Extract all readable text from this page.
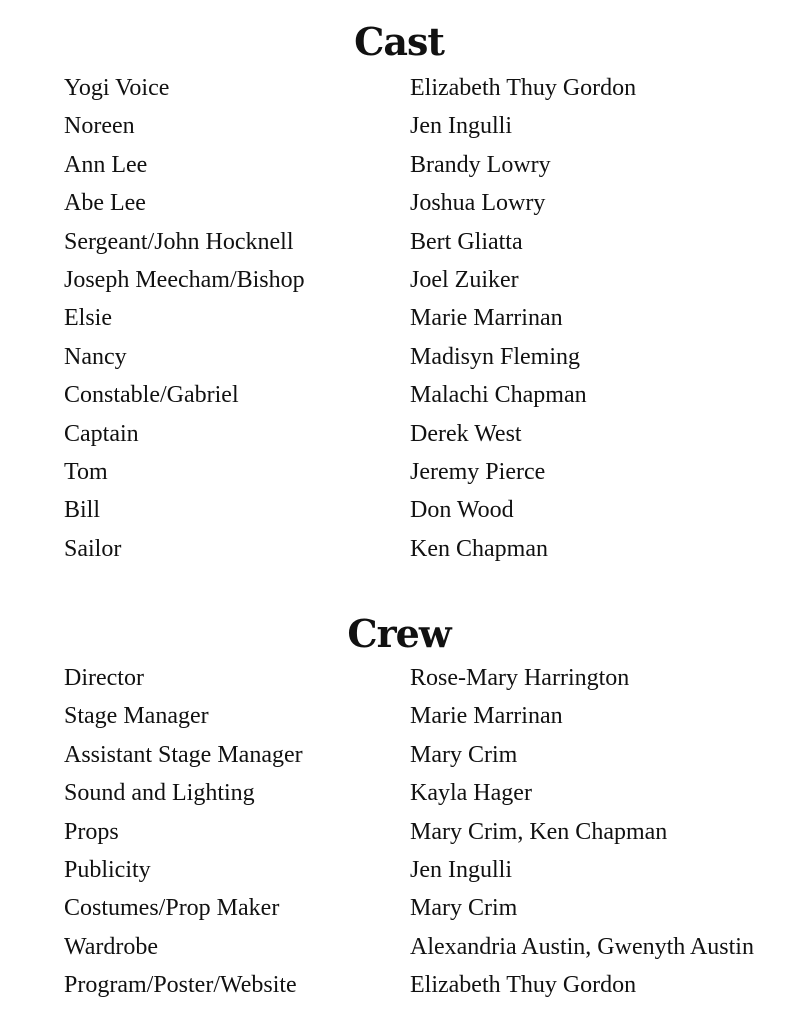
Cast
Yogi Voice	Elizabeth Thuy Gordon
Noreen	Jen Ingulli
Ann Lee	Brandy Lowry
Abe Lee	Joshua Lowry
Sergeant/John Hocknell	Bert Gliatta
Joseph Meecham/Bishop	Joel Zuiker
Elsie	Marie Marrinan
Nancy	Madisyn Fleming
Constable/Gabriel	Malachi Chapman
Captain	Derek West
Tom	Jeremy Pierce
Bill	Don Wood
Sailor	Ken Chapman
Crew
Director	Rose-Mary Harrington
Stage Manager	Marie Marrinan
Assistant Stage Manager	Mary Crim
Sound and Lighting	Kayla Hager
Props	Mary Crim, Ken Chapman
Publicity	Jen Ingulli
Costumes/Prop Maker	Mary Crim
Wardrobe	Alexandria Austin, Gwenyth Austin
Program/Poster/Website	Elizabeth Thuy Gordon
